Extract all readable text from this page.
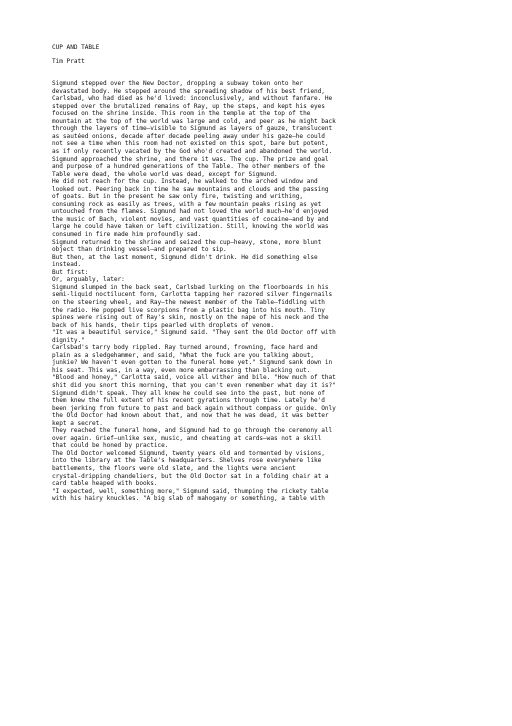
CUP AND TABLE
Tim Pratt
Sigmund stepped over the New Doctor, dropping a subway token onto her
devastated body. He stepped around the spreading shadow of his best friend,
Carlsbad, who had died as he'd lived: inconclusively, and without fanfare. He
stepped over the brutalized remains of Ray, up the steps, and kept his eyes
focused on the shrine inside. This room in the temple at the top of the
mountain at the top of the world was large and cold, and peer as he might back
through the layers of time—visible to Sigmund as layers of gauze, translucent
as sautéed onions, decade after decade peeling away under his gaze—he could
not see a time when this room had not existed on this spot, bare but potent,
as if only recently vacated by the God who'd created and abandoned the world.
Sigmund approached the shrine, and there it was. The cup. The prize and goal
and purpose of a hundred generations of the Table. The other members of the
Table were dead, the whole world was dead, except for Sigmund.
He did not reach for the cup. Instead, he walked to the arched window and
looked out. Peering back in time he saw mountains and clouds and the passing
of goats. But in the present he saw only fire, twisting and writhing,
consuming rock as easily as trees, with a few mountain peaks rising as yet
untouched from the flames. Sigmund had not loved the world much—he'd enjoyed
the music of Bach, violent movies, and vast quantities of cocaine—and by and
large he could have taken or left civilization. Still, knowing the world was
consumed in fire made him profoundly sad.
Sigmund returned to the shrine and seized the cup—heavy, stone, more blunt
object than drinking vessel—and prepared to sip.
But then, at the last moment, Sigmund didn't drink. He did something else
instead.
But first:
Or, arguably, later:
Sigmund slumped in the back seat, Carlsbad lurking on the floorboards in his
semi-liquid noctilucent form, Carlotta tapping her razored silver fingernails
on the steering wheel, and Ray—the newest member of the Table—fiddling with
the radio. He popped live scorpions from a plastic bag into his mouth. Tiny
spines were rising out of Ray's skin, mostly on the nape of his neck and the
back of his hands, their tips pearled with droplets of venom.
"It was a beautiful service," Sigmund said. "They sent the Old Doctor off with
dignity."
Carlsbad's tarry body rippled. Ray turned around, frowning, face hard and
plain as a sledgehammer, and said, "What the fuck are you talking about,
junkie? We haven't even gotten to the funeral home yet." Sigmund sank down in
his seat. This was, in a way, even more embarrassing than blacking out.
"Blood and honey," Carlotta said, voice all wither and bile. "How much of that
shit did you snort this morning, that you can't even remember what day it is?"
Sigmund didn't speak. They all knew he could see into the past, but none of
them knew the full extent of his recent gyrations through time. Lately he'd
been jerking from future to past and back again without compass or guide. Only
the Old Doctor had known about that, and now that he was dead, it was better
kept a secret.
They reached the funeral home, and Sigmund had to go through the ceremony all
over again. Grief—unlike sex, music, and cheating at cards—was not a skill
that could be honed by practice.
The Old Doctor welcomed Sigmund, twenty years old and tormented by visions,
into the library at the Table's headquarters. Shelves rose everywhere like
battlements, the floors were old slate, and the lights were ancient
crystal-dripping chandeliers, but the Old Doctor sat in a folding chair at a
card table heaped with books.
"I expected, well, something more," Sigmund said, thumping the rickety table
with his hairy knuckles. "A big slab of mahogany or something, a table with
